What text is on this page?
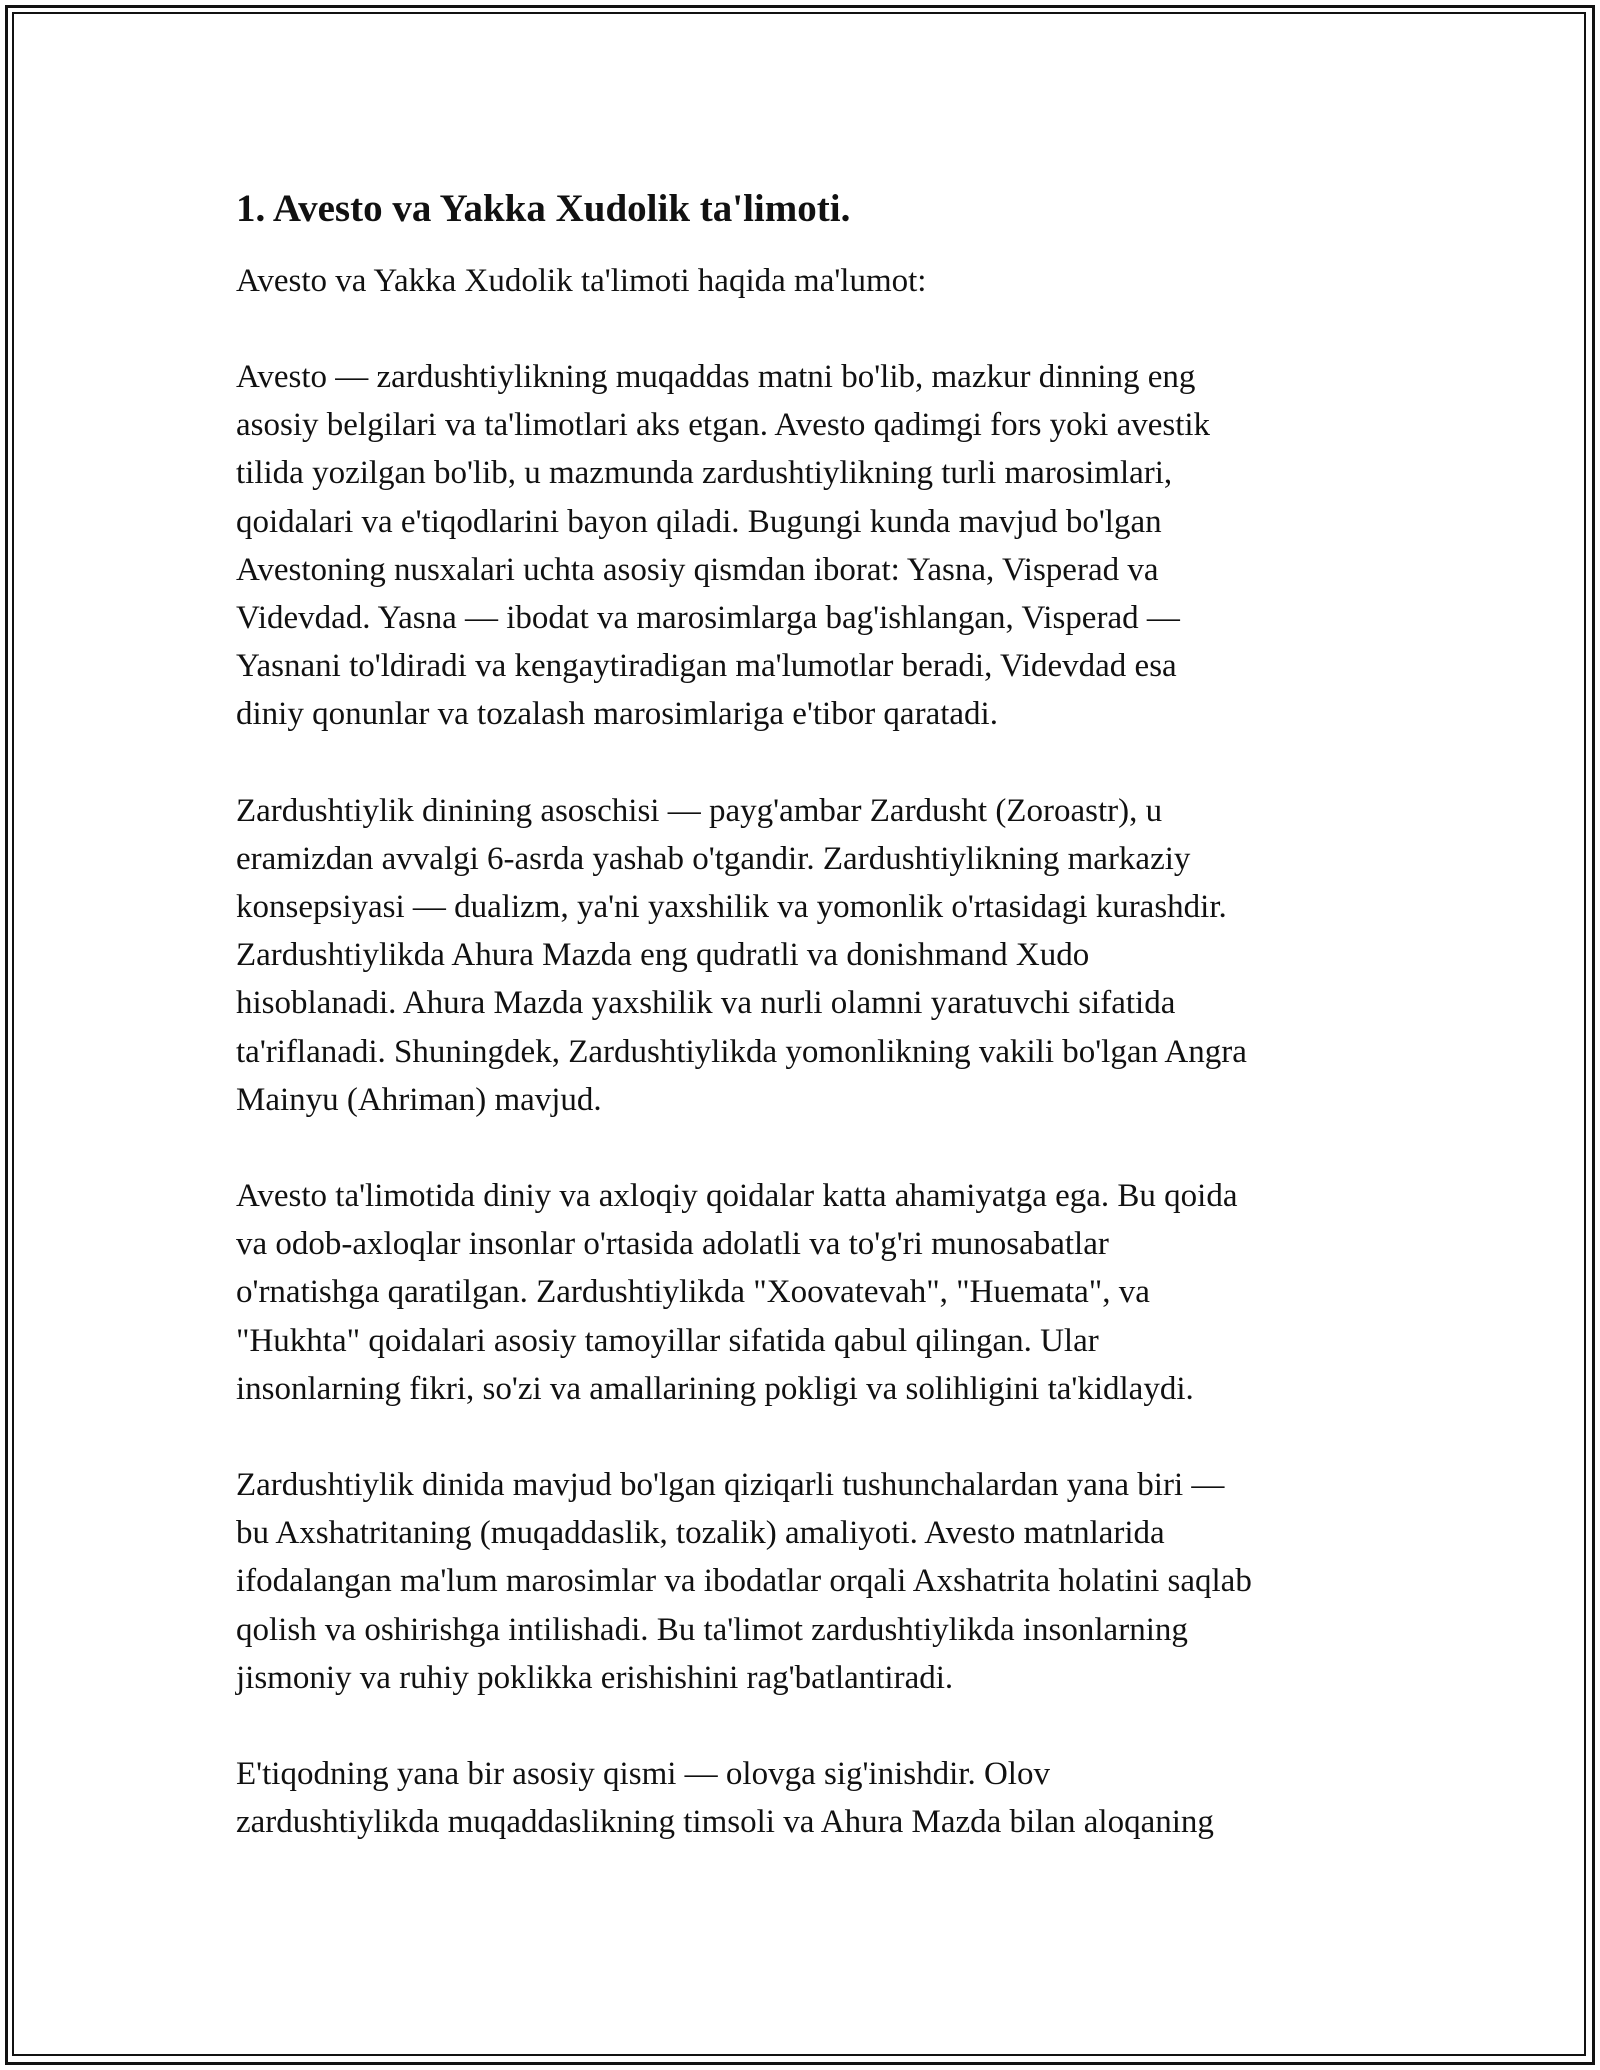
1. Avesto va Yakka Xudolik ta'limoti.

Avesto va Yakka Xudolik ta'limoti haqida ma'lumot:

Avesto — zardushtiylikning muqaddas matni bo'lib, mazkur dinning eng
asosiy belgilari va ta'limotlari aks etgan. Avesto qadimgi fors yoki avestik
tilida yozilgan bo'lib, u mazmunda zardushtiylikning turli marosimlari,
qoidalari va e'tiqodlarini bayon qiladi. Bugungi kunda mavjud bo'lgan
Avestoning nusxalari uchta asosiy qismdan iborat: Yasna, Visperad va
Videvdad. Yasna — ibodat va marosimlarga bag'ishlangan, Visperad —
Yasnani to'ldiradi va kengaytiradigan ma'lumotlar beradi, Videvdad esa
diniy qonunlar va tozalash marosimlariga e'tibor qaratadi.

Zardushtiylik dinining asoschisi — payg'ambar Zardusht (Zoroastr), u
eramizdan avvalgi 6-asrda yashab o'tgandir. Zardushtiylikning markaziy
konsepsiyasi — dualizm, ya'ni yaxshilik va yomonlik o'rtasidagi kurashdir.
Zardushtiylikda Ahura Mazda eng qudratli va donishmand Xudo
hisoblanadi. Ahura Mazda yaxshilik va nurli olamni yaratuvchi sifatida
ta'riflanadi. Shuningdek, Zardushtiylikda yomonlikning vakili bo'lgan Angra
Mainyu (Ahriman) mavjud.

Avesto ta'limotida diniy va axloqiy qoidalar katta ahamiyatga ega. Bu qoida
va odob-axloqlar insonlar o'rtasida adolatli va to'g'ri munosabatlar
o'rnatishga qaratilgan. Zardushtiylikda "Xoovatevah", "Huemata", va
"Hukhta" qoidalari asosiy tamoyillar sifatida qabul qilingan. Ular
insonlarning fikri, so'zi va amallarining pokligi va solihligini ta'kidlaydi.

Zardushtiylik dinida mavjud bo'lgan qiziqarli tushunchalardan yana biri —
bu Axshatritaning (muqaddaslik, tozalik) amaliyoti. Avesto matnlarida
ifodalangan ma'lum marosimlar va ibodatlar orqali Axshatrita holatini saqlab
qolish va oshirishga intilishadi. Bu ta'limot zardushtiylikda insonlarning
jismoniy va ruhiy poklikka erishishini rag'batlantiradi.

E'tiqodning yana bir asosiy qismi — olovga sig'inishdir. Olov
zardushtiylikda muqaddaslikning timsoli va Ahura Mazda bilan aloqaning
